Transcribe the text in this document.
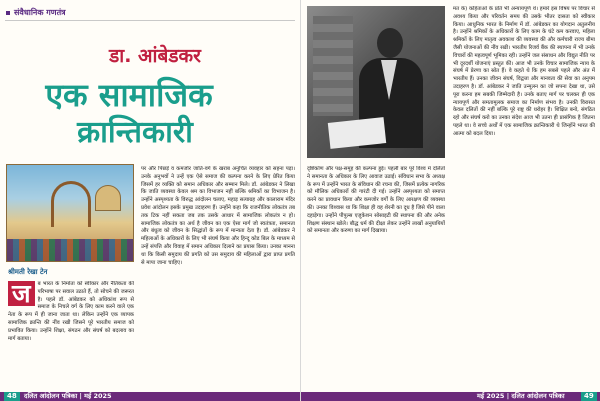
संवैधानिक गणतंत्र
डा. आंबेडकर
एक सामाजिक
क्रान्तिकारी
श्रीमती रेखा टेन
ज	ब भारत के निर्माता को स्वीकार और नैतिकता की परिभाषा पर सवाल उठाते हैं, तो सोचने की जरूरत है। पहले डॉ. आंबेडकर को अधिकांश रूप से समाज के निचले वर्ग के लिए काम करने वाले एक नेता के रूप में ही जाना जाता था। लेकिन उन्होंने एक व्यापक सामाजिक क्रान्ति की नींव रखी जिसने पूरे भारतीय समाज को प्रभावित किया। उन्होंने शिक्षा, संगठन और संघर्ष को बदलाव का मार्ग बताया।
पर और पिछड़े व कमजोर जाति-वर्ग के खराब अनुचित व्यवहार को सहना पड़ा। उनके अनुभवों ने उन्हें एक ऐसे समाज की कल्पना करने के लिए प्रेरित किया जिसमें हर व्यक्ति को समान अधिकार और सम्मान मिले। डॉ. आंबेडकर ने लिखा कि जाति व्यवस्था केवल श्रम का विभाजन नहीं बल्कि श्रमिकों का विभाजन है। उन्होंने अस्पृश्यता के विरुद्ध आंदोलन चलाए, महाड़ सत्याग्रह और कालाराम मंदिर प्रवेश आंदोलन इसके प्रमुख उदाहरण हैं। उन्होंने कहा कि राजनीतिक लोकतंत्र तब तक टिक नहीं सकता जब तक उसके आधार में सामाजिक लोकतंत्र न हो। सामाजिक लोकतंत्र का अर्थ है जीवन का एक ऐसा मार्ग जो स्वतंत्रता, समानता और बंधुत्व को जीवन के सिद्धांतों के रूप में मान्यता देता है। डॉ. आंबेडकर ने महिलाओं के अधिकारों के लिए भी संघर्ष किया और हिन्दू कोड बिल के माध्यम से उन्हें संपत्ति और विवाह में समान अधिकार दिलाने का प्रयास किया। उनका मानना था कि किसी समुदाय की प्रगति को उस समुदाय की महिलाओं द्वारा प्राप्त प्रगति से मापा जाना चाहिए।
48	दलित आंदोलन पत्रिका | मई 2025
दृष्टिकोण और पक्ष-समूह की कल्पना हुई। पहली बार पूरे विश्व में दलितों ने समानता के अधिकार के लिए आवाज उठाई। संविधान सभा के अध्यक्ष के रूप में उन्होंने भारत के संविधान की रचना की, जिसमें प्रत्येक नागरिक को मौलिक अधिकारों की गारंटी दी गई। उन्होंने अस्पृश्यता को समाप्त करने का प्रावधान किया और कमजोर वर्गों के लिए आरक्षण की व्यवस्था की। उनका विश्वास था कि शिक्षा ही वह शेरनी का दूध है जिसे पीने वाला दहाड़ेगा। उन्होंने पीपुल्स एजुकेशन सोसाइटी की स्थापना की और अनेक शिक्षण संस्थान खोले। बौद्ध धर्म की दीक्षा लेकर उन्होंने लाखों अनुयायियों को समानता और करुणा का मार्ग दिखाया।
मत के) कहिताओं के प्रति भी अन्यायपूर्ण थे। हमारे इस विषय पर विचार से अवश्य किया और परिवर्तन समय की उसके भीतर दासता को स्वीकार किया। आधुनिक भारत के निर्माण में डॉ. आंबेडकर का योगदान अतुलनीय है। उन्होंने श्रमिकों के अधिकारों के लिए काम के घंटे कम करवाए, महिला श्रमिकों के लिए मातृत्व अवकाश की व्यवस्था की और कर्मचारी राज्य बीमा जैसी योजनाओं की नींव रखी। भारतीय रिजर्व बैंक की स्थापना में भी उनके विचारों की महत्वपूर्ण भूमिका रही। उन्होंने जल संसाधन और विद्युत नीति पर भी दूरदर्शी योजनाएं प्रस्तुत कीं। आज भी उनके विचार सामाजिक न्याय के संघर्ष में प्रेरणा का स्रोत हैं। वे कहते थे कि हम सबसे पहले और अंत में भारतीय हैं। उनका जीवन संघर्ष, विद्वत्ता और मानवता की सेवा का अनुपम उदाहरण है। डॉ. आंबेडकर ने जाति उन्मूलन का जो सपना देखा था, उसे पूरा करना हम सबकी जिम्मेदारी है। उनके बताए मार्ग पर चलकर ही एक न्यायपूर्ण और समतामूलक समाज का निर्माण संभव है। उनकी विरासत केवल दलितों की नहीं बल्कि पूरे राष्ट्र की धरोहर है। शिक्षित बनो, संगठित रहो और संघर्ष करो का उनका संदेश आज भी उतना ही प्रासंगिक है जितना पहले था। वे सच्चे अर्थों में एक सामाजिक क्रान्तिकारी थे जिन्होंने भारत की आत्मा को बदल दिया।
मई 2025 | दलित आंदोलन पत्रिका	49
